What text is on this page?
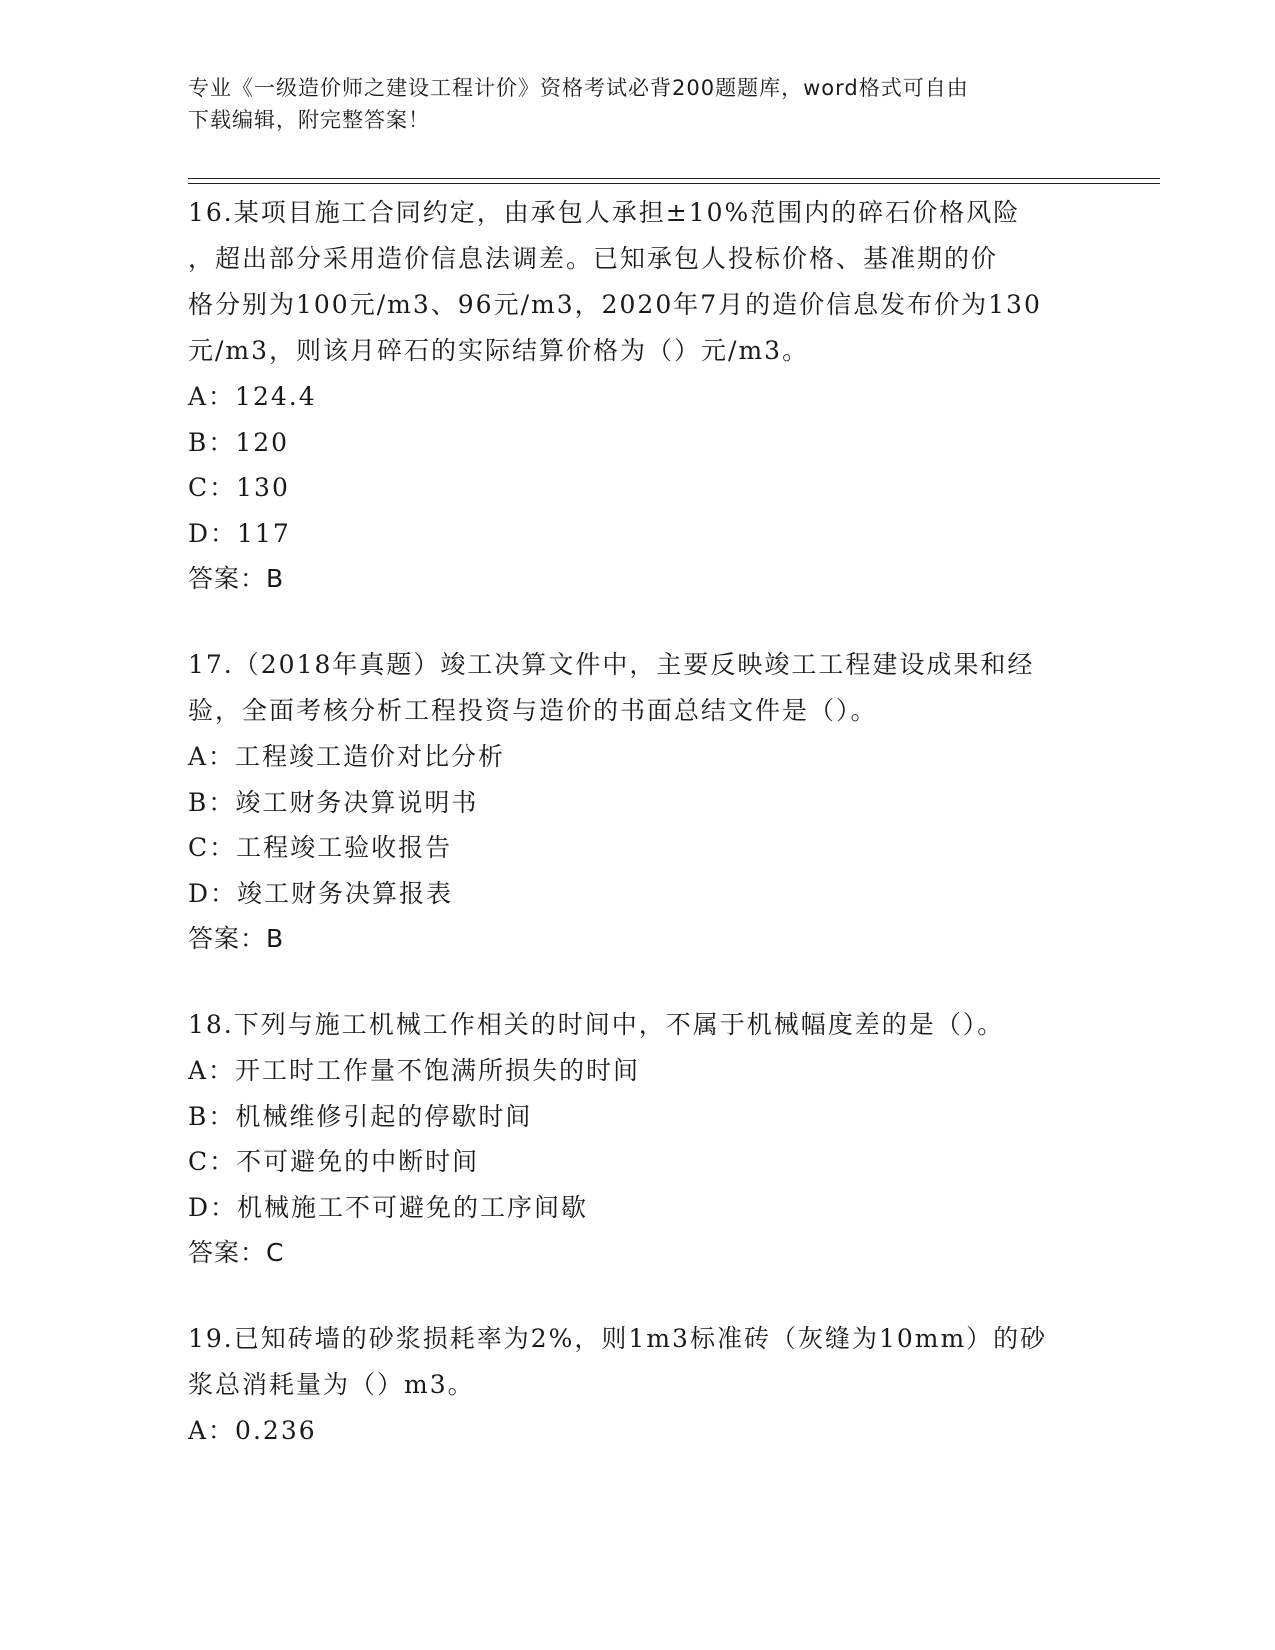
专业《一级造价师之建设工程计价》资格考试必背200题题库，word格式可自由
下载编辑，附完整答案！

16.某项目施工合同约定，由承包人承担±10%范围内的碎石价格风险

，超出部分采用造价信息法调差。已知承包人投标价格、基准期的价

格分别为100元/m3、96元/m3，2020年7月的造价信息发布价为130

元/m3，则该月碎石的实际结算价格为（）元/m3。

A：124.4

B：120

C：130

D：117

答案：B

17.（2018年真题）竣工决算文件中，主要反映竣工工程建设成果和经

验，全面考核分析工程投资与造价的书面总结文件是（）。

A：工程竣工造价对比分析

B：竣工财务决算说明书

C：工程竣工验收报告

D：竣工财务决算报表

答案：B

18.下列与施工机械工作相关的时间中，不属于机械幅度差的是（）。

A：开工时工作量不饱满所损失的时间

B：机械维修引起的停歇时间

C：不可避免的中断时间

D：机械施工不可避免的工序间歇

答案：C

19.已知砖墙的砂浆损耗率为2%，则1m3标准砖（灰缝为10mm）的砂

浆总消耗量为（）m3。

A：0.236
